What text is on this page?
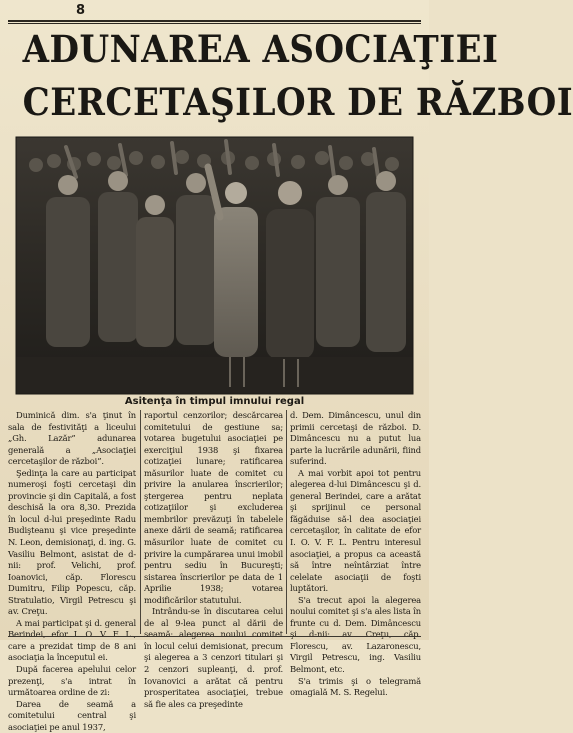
8
ADUNAREA ASOCIAŢIEI
CERCETAŞILOR DE RĂZBOI
Asitenţa în timpul imnului regal

Duminică dim. s'a ţinut în sala de festivităţi a liceului „Gh. Lazăr” adunarea generală a „Asociaţiei cercetaşilor de război”.

Şedinţa la care au participat numeroşi foşti cercetaşi din provincie şi din Capitală, a fost deschisă la ora 8,30. Prezida în locul d-lui preşedinte Radu Budişteanu şi vice preşedinte N. Leon, demisionaţi, d. ing. G. Vasiliu Belmont, asistat de d-nii: prof. Velichi, prof. Ioanovici, căp. Florescu Dumitru, Filip Popescu, căp. Stratulatio, Virgil Petrescu şi av. Creţu.

A mai participat şi d. general Berindei, efor I. O. V. F. L., care a prezidat timp de 8 ani asociaţia la începutul ei.

După facerea apelului celor prezenţi, s'a intrat în următoarea ordine de zi:

Darea de seamă a comitetului central şi asociaţiei pe anul 1937,

raportul cenzorilor; descărcarea comitetului de gestiune sa; votarea bugetului asociaţiei pe exerciţiul 1938 şi fixarea cotizaţiei lunare; ratificarea măsurilor luate de comitet cu privire la anularea înscrierilor; ştergerea pentru neplata cotizaţiilor şi excluderea membrilor prevăzuţi în tabelele anexe dării de seamă; ratificarea măsurilor luate de comitet cu privire la cumpărarea unui imobil pentru sediu în Bucureşti; sistarea înscrierilor pe data de 1 Aprilie 1938; votarea modificărilor statutului.

Intrându-se în discutarea celui de al 9-lea punct al dării de seamă: alegerea noului comitet în locul celui demisionat, precum şi alegerea a 3 cenzori titulari şi 2 cenzori supleanţi, d. prof. Iovanovici a arătat că pentru prosperitatea asociaţiei, trebue să fie ales ca preşedinte

d. Dem. Dimâncescu, unul din primii cercetaşi de război. D. Dimâncescu nu a putut lua parte la lucrările adunării, fiind suferind.

A mai vorbit apoi tot pentru alegerea d-lui Dimâncescu şi d. general Berindei, care a arătat şi sprijinul ce personal făgăduise să-l dea asociaţiei cercetaşilor, în calitate de efor I. O. V. F. L. Pentru interesul asociaţiei, a propus ca această să între neîntârziat între celelate asociaţii de foşti luptători.

S'a trecut apoi la alegerea noului comitet şi s'a ales lista în frunte cu d. Dem. Dimâncescu şi d-nii: av. Creţu, căp. Florescu, av. Lazaronescu, Virgil Petrescu, ing. Vasiliu Belmont, etc.

S'a trimis şi o telegramă omagială M. S. Regelui.
